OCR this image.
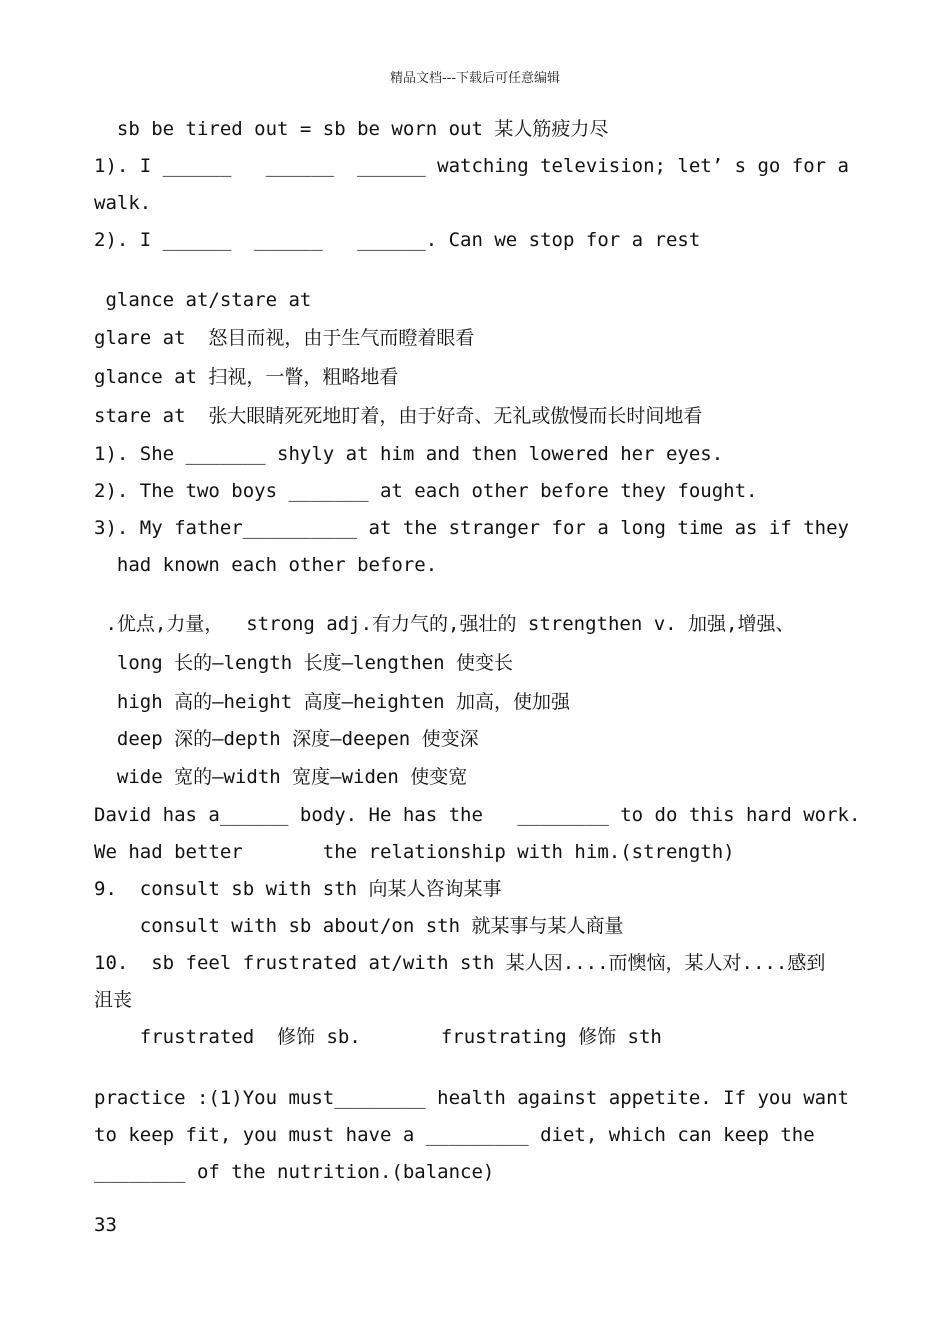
精品文档---下载后可任意编辑
sb be tired out = sb be worn out 某人筋疲力尽
1). I ______   ______  ______ watching television; let’ s go for a
walk.
2). I ______  ______   ______. Can we stop for a rest
glance at/stare at
glare at  怒目而视，由于生气而瞪着眼看
glance at 扫视，一瞥，粗略地看
stare at  张大眼睛死死地盯着，由于好奇、无礼或傲慢而长时间地看
1). She _______ shyly at him and then lowered her eyes.
2). The two boys _______ at each other before they fought.
3). My father__________ at the stranger for a long time as if they
had known each other before.
.优点,力量，  strong adj.有力气的,强壮的 strengthen v. 加强,增强、
long 长的—length 长度—lengthen 使变长
high 高的—height 高度—heighten 加高，使加强
deep 深的—depth 深度—deepen 使变深
wide 宽的—width 宽度—widen 使变宽
David has a______ body. He has the   ________ to do this hard work.
We had better       the relationship with him.(strength)
9.  consult sb with sth 向某人咨询某事
consult with sb about/on sth 就某事与某人商量
10.  sb feel frustrated at/with sth 某人因....而懊恼，某人对....感到
沮丧
frustrated  修饰 sb.       frustrating 修饰 sth
practice :(1)You must________ health against appetite. If you want
to keep fit, you must have a _________ diet, which can keep the
________ of the nutrition.(balance)
33
